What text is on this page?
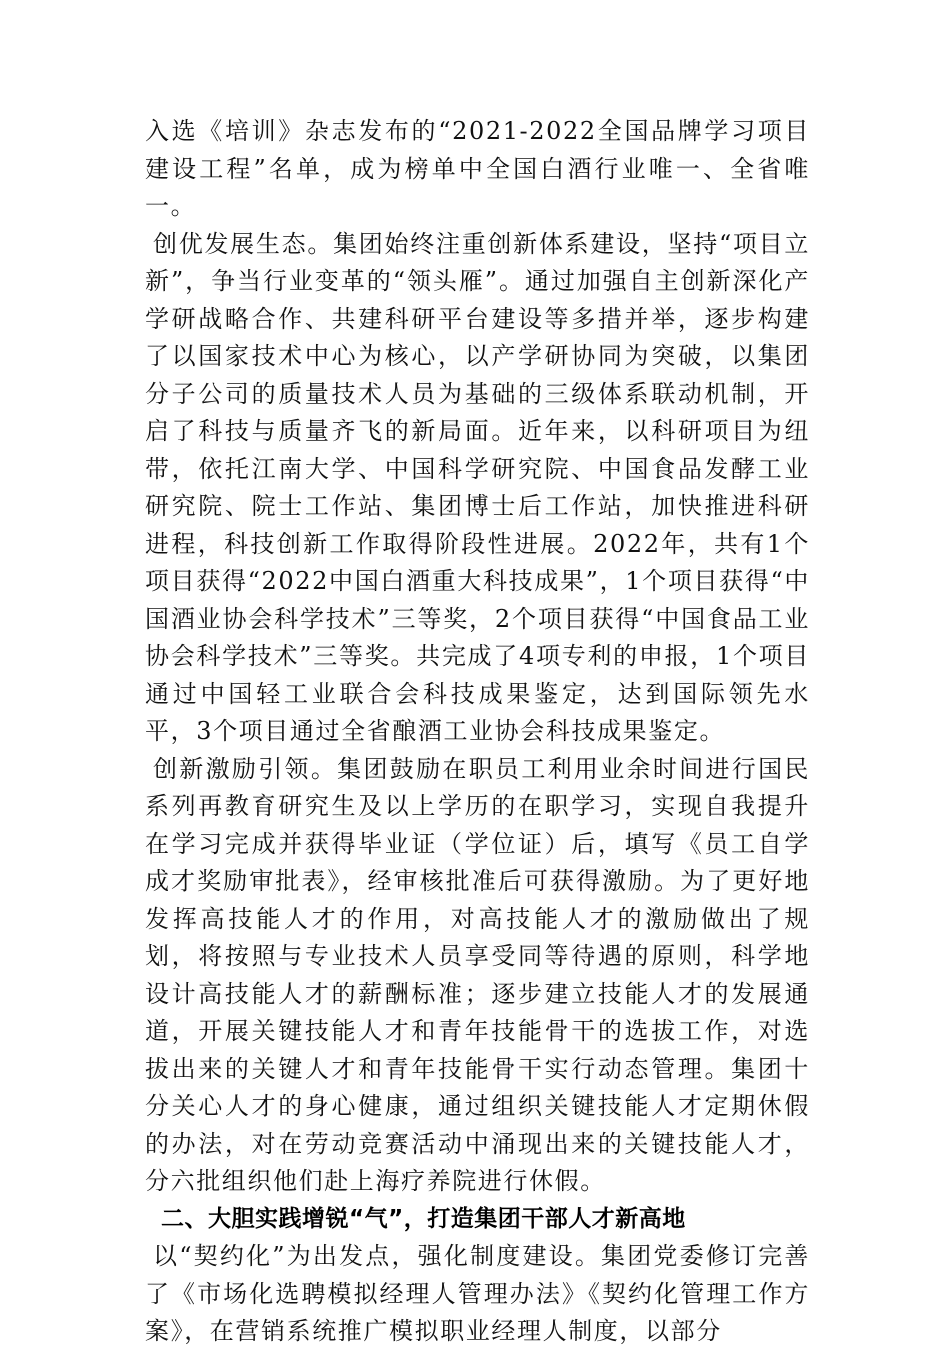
入选《培训》杂志发布的“2021-2022全国品牌学习项目建设工程”名单，成为榜单中全国白酒行业唯一、全省唯一。

创优发展生态。集团始终注重创新体系建设，坚持“项目立新”，争当行业变革的“领头雁”。通过加强自主创新深化产学研战略合作、共建科研平台建设等多措并举，逐步构建了以国家技术中心为核心，以产学研协同为突破，以集团分子公司的质量技术人员为基础的三级体系联动机制，开启了科技与质量齐飞的新局面。近年来，以科研项目为纽带，依托江南大学、中国科学研究院、中国食品发酵工业研究院、院士工作站、集团博士后工作站，加快推进科研进程，科技创新工作取得阶段性进展。2022年，共有1个项目获得“2022中国白酒重大科技成果”，1个项目获得“中国酒业协会科学技术”三等奖，2个项目获得“中国食品工业协会科学技术”三等奖。共完成了4项专利的申报，1个项目通过中国轻工业联合会科技成果鉴定，达到国际领先水平，3个项目通过全省酿酒工业协会科技成果鉴定。

创新激励引领。集团鼓励在职员工利用业余时间进行国民系列再教育研究生及以上学历的在职学习，实现自我提升在学习完成并获得毕业证（学位证）后，填写《员工自学成才奖励审批表》，经审核批准后可获得激励。为了更好地发挥高技能人才的作用，对高技能人才的激励做出了规划，将按照与专业技术人员享受同等待遇的原则，科学地设计高技能人才的薪酬标准；逐步建立技能人才的发展通道，开展关键技能人才和青年技能骨干的选拔工作，对选拔出来的关键人才和青年技能骨干实行动态管理。集团十分关心人才的身心健康，通过组织关键技能人才定期休假的办法，对在劳动竞赛活动中涌现出来的关键技能人才，分六批组织他们赴上海疗养院进行休假。

二、大胆实践增锐“气”，打造集团干部人才新高地

以“契约化”为出发点，强化制度建设。集团党委修订完善了《市场化选聘模拟经理人管理办法》《契约化管理工作方案》，在营销系统推广模拟职业经理人制度，以部分
